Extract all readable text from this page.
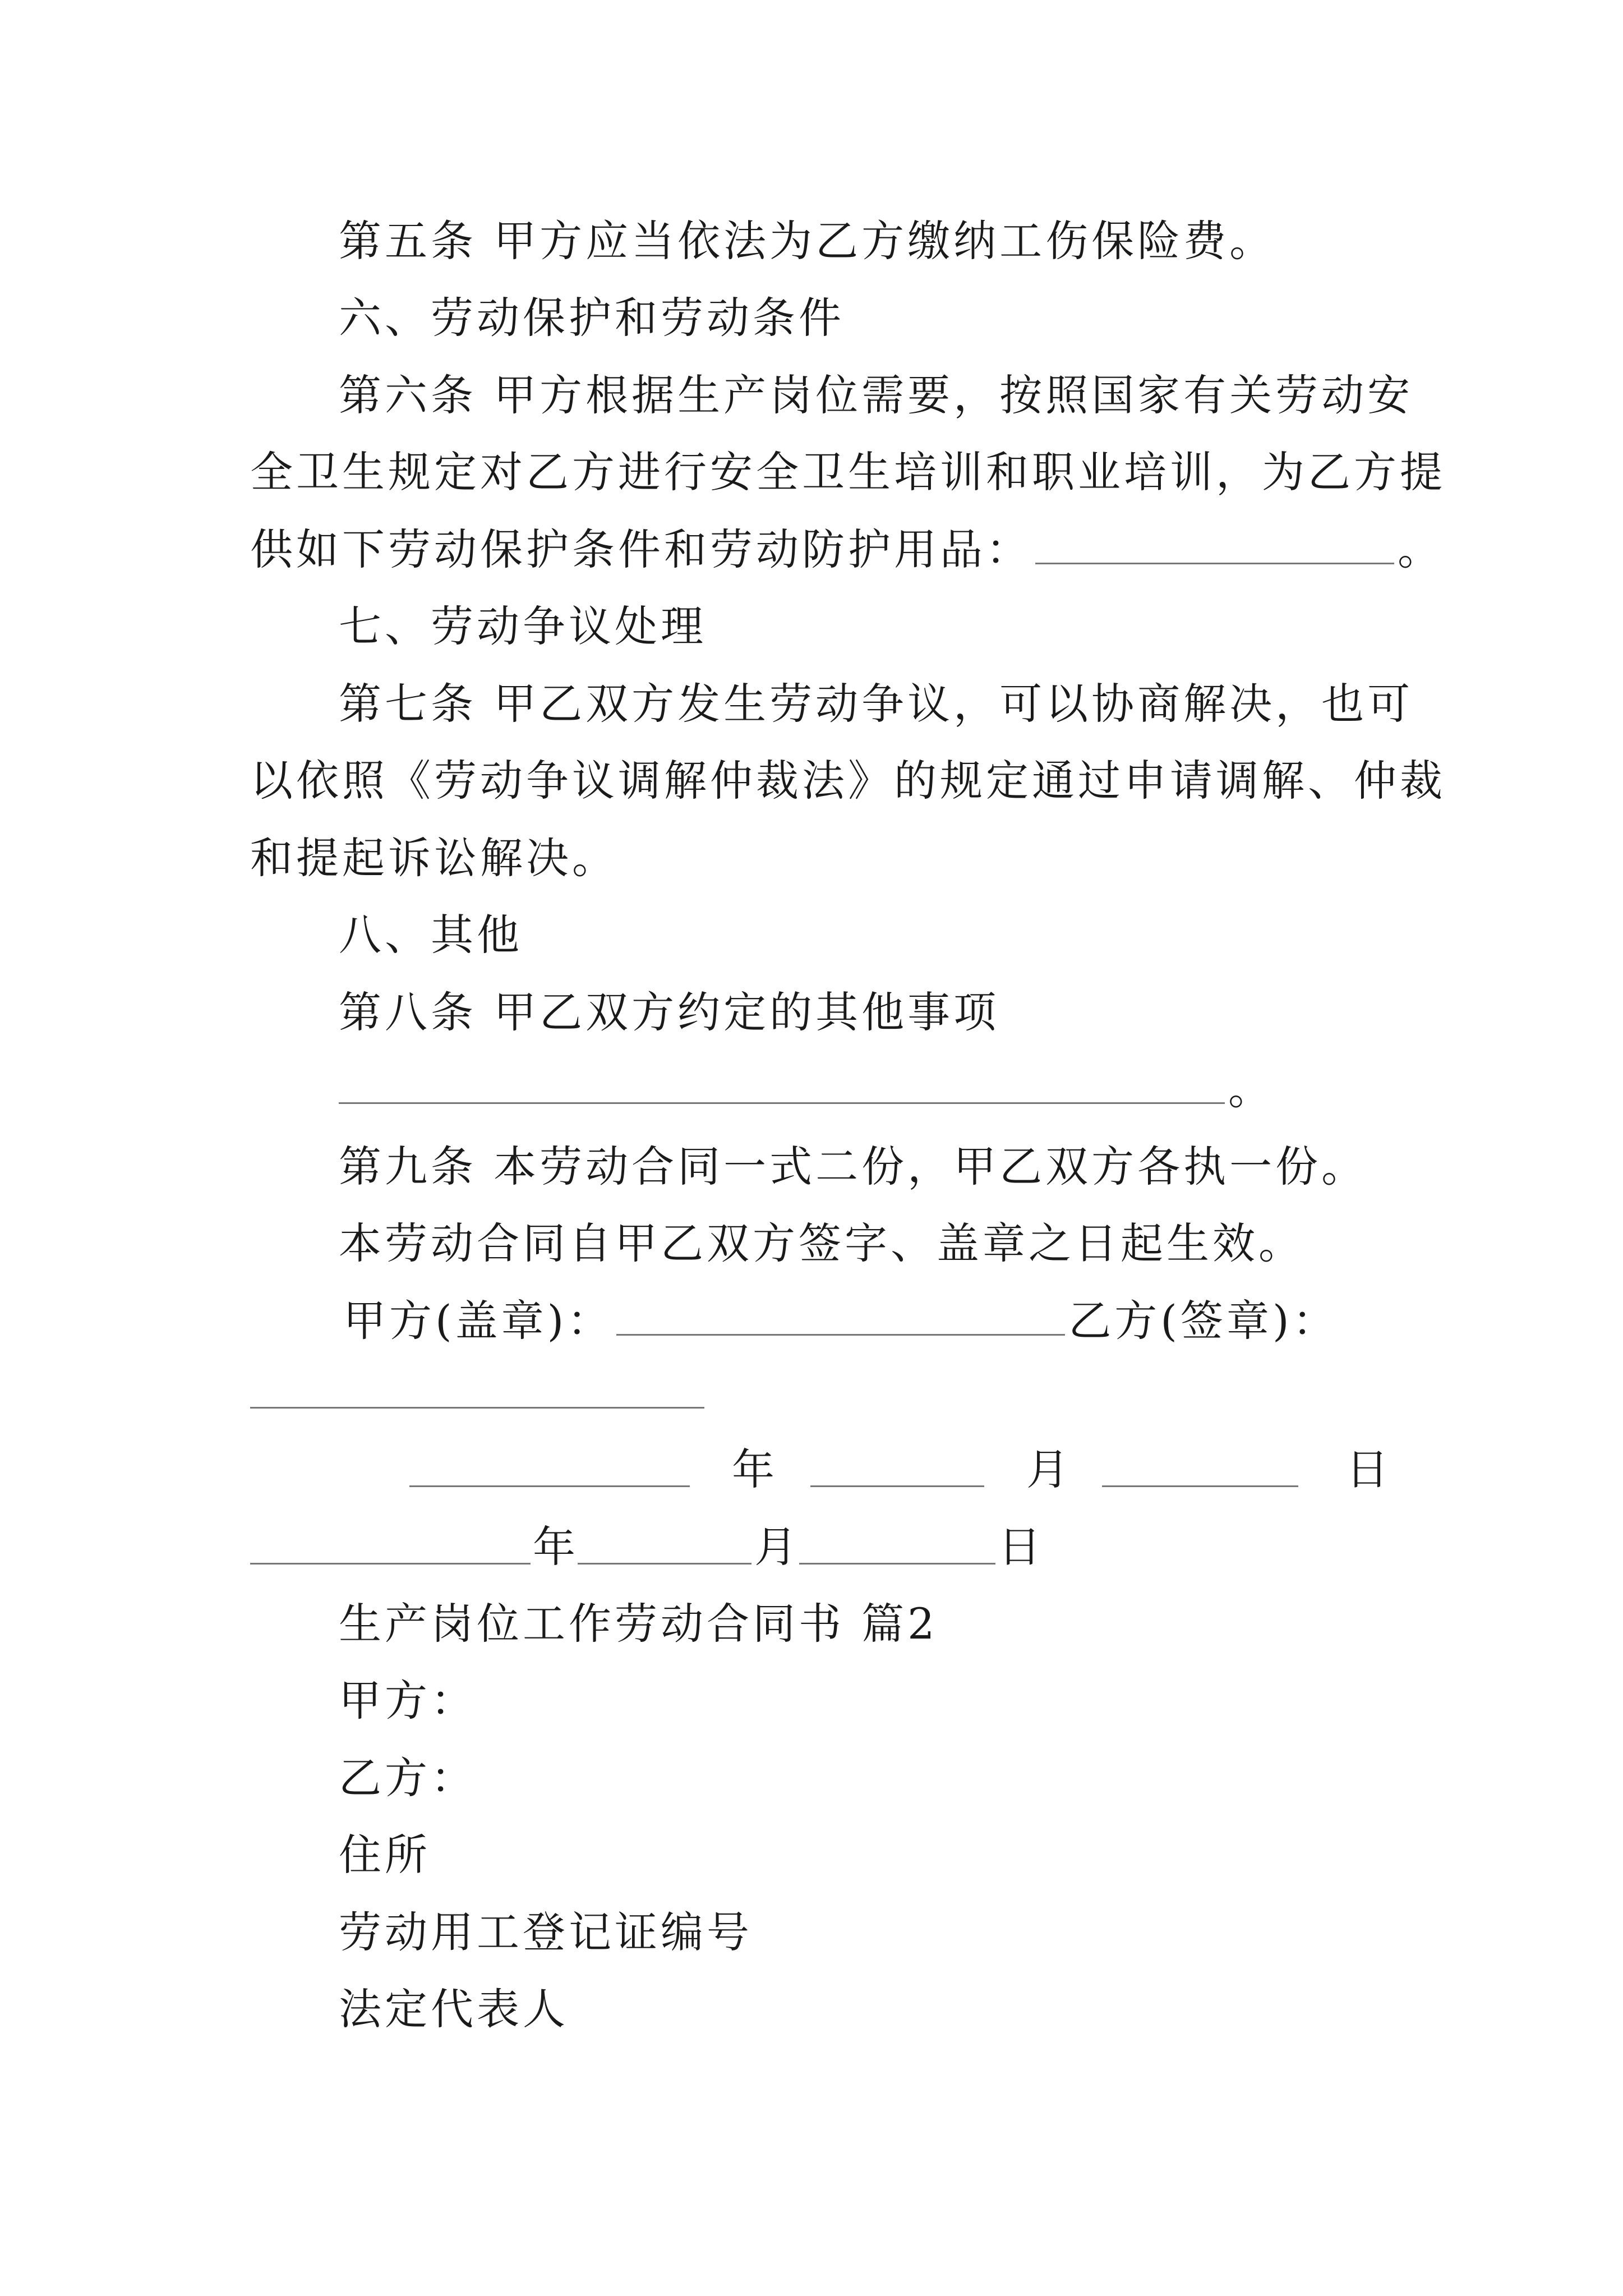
第五条 甲方应当依法为乙方缴纳工伤保险费。
六、劳动保护和劳动条件
第六条 甲方根据生产岗位需要，按照国家有关劳动安
全卫生规定对乙方进行安全卫生培训和职业培训，为乙方提
供如下劳动保护条件和劳动防护用品：	。
七、劳动争议处理
第七条 甲乙双方发生劳动争议，可以协商解决，也可
以依照《劳动争议调解仲裁法》的规定通过申请调解、仲裁
和提起诉讼解决。
八、其他
第八条 甲乙双方约定的其他事项
。
第九条 本劳动合同一式二份，甲乙双方各执一份。
本劳动合同自甲乙双方签字、盖章之日起生效。
甲方(盖章)：	乙方(签章)：
年	月	日
年	月	日
生产岗位工作劳动合同书 篇2
甲方：
乙方：
住所
劳动用工登记证编号
法定代表人
